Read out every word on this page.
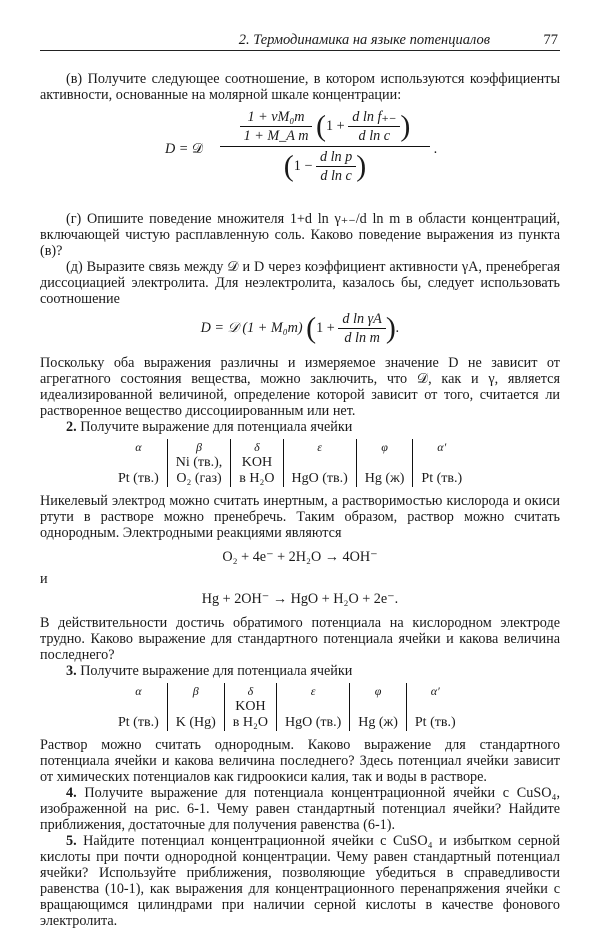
2. Термодинамика на языке потенциалов	77

(в) Получите следующее соотношение, в котором используются коэффициенты активности, основанные на молярной шкале концентрации:

D = 𝒟
$\frac{\text{1 + νM₀m}}{\text{1 + M\_A m}} (1 + \frac{\text{d ln f₊₋}}{\text{d ln c}}$ )
($1 - \frac{\text{d ln p}}{\text{d ln c}}$ )
.

(г) Опишите поведение множителя 1+d ln γ₊₋/d ln m в области концентраций, включающей чистую расплавленную соль. Каково поведение выражения из пункта (в)?

(д) Выразите связь между 𝒟 и D через коэффициент активности γA, пренебрегая диссоциацией электролита. Для неэлектролита, казалось бы, следует использовать соотношение

D = 𝒟 (1 + M₀m) ($1 + \frac{\text{d ln γA}}{\text{d ln m}}$ ).

Поскольку оба выражения различны и измеряемое значение D не зависит от агрегатного состояния вещества, можно заключить, что 𝒟, как и γ, является идеализированной величиной, определение которой зависит от того, считается ли растворенное вещество диссоциированным или нет.

2. Получите выражение для потенциала ячейки

α	β	δ	ε	φ	α′
	Ni (тв.),	KOH			
Pt (тв.)	O₂ (газ)	в H₂O	HgO (тв.)	Hg (ж)	Pt (тв.)

Никелевый электрод можно считать инертным, а растворимостью кислорода и окиси ртути в растворе можно пренебречь. Таким образом, раствор можно считать однородным. Электродными реакциями являются

O₂ + 4e⁻ + 2H₂O → 4OH⁻

и

Hg + 2OH⁻ → HgO + H₂O + 2e⁻.

В действительности достичь обратимого потенциала на кислородном электроде трудно. Каково выражение для стандартного потенциала ячейки и какова величина последнего?

3. Получите выражение для потенциала ячейки

α	β	δ	ε	φ	α′
		KOH			
Pt (тв.)	K (Hg)	в H₂O	HgO (тв.)	Hg (ж)	Pt (тв.)

Раствор можно считать однородным. Каково выражение для стандартного потенциала ячейки и какова величина последнего? Здесь потенциал ячейки зависит от химических потенциалов как гидроокиси калия, так и воды в растворе.

4. Получите выражение для потенциала концентрационной ячейки с CuSO₄, изображенной на рис. 6-1. Чему равен стандартный потенциал ячейки? Найдите приближения, достаточные для получения равенства (6-1).

5. Найдите потенциал концентрационной ячейки с CuSO₄ и избытком серной кислоты при почти однородной концентрации. Чему равен стандартный потенциал ячейки? Используйте приближения, позволяющие убедиться в справедливости равенства (10-1), как выражения для концентрационного перенапряжения ячейки с вращающимся цилиндрами при наличии серной кислоты в качестве фонового электролита.
